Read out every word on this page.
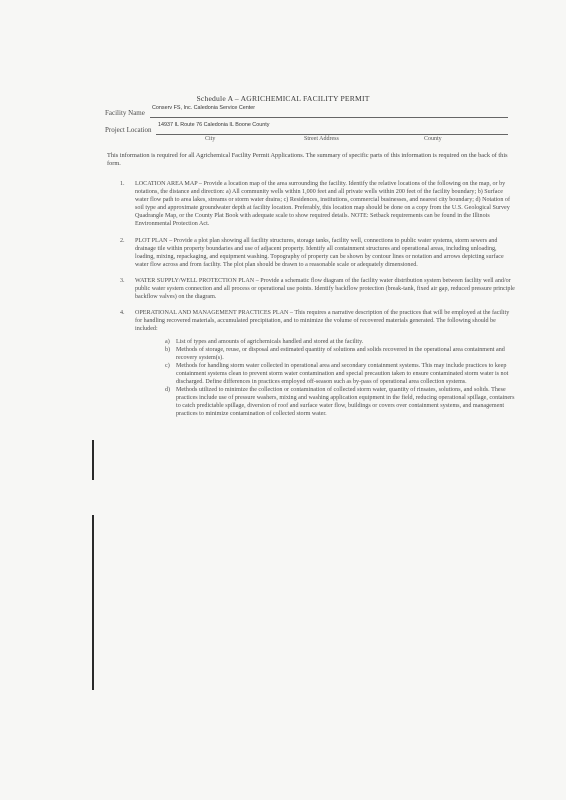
Schedule A – AGRICHEMICAL FACILITY PERMIT
Facility Name
Conserv FS, Inc. Caledonia Service Center
Project Location
14937 IL Route 76 Caledonia IL Boone County
City	Street Address	County
This information is required for all Agrichemical Facility Permit Applications. The summary of specific parts of this information is required on the back of this form.
1. LOCATION AREA MAP – Provide a location map of the area surrounding the facility. Identify the relative locations of the following on the map, or by notations, the distance and direction: a) All community wells within 1,000 feet and all private wells within 200 feet of the facility boundary; b) Surface water flow path to area lakes, streams or storm water drains; c) Residences, institutions, commercial businesses, and nearest city boundary; d) Notation of soil type and approximate groundwater depth at facility location. Preferably, this location map should be done on a copy from the U.S. Geological Survey Quadrangle Map, or the County Plat Book with adequate scale to show required details. NOTE: Setback requirements can be found in the Illinois Environmental Protection Act.
2. PLOT PLAN – Provide a plot plan showing all facility structures, storage tanks, facility well, connections to public water systems, storm sewers and drainage tile within property boundaries and use of adjacent property. Identify all containment structures and operational areas, including unloading, loading, mixing, repackaging, and equipment washing. Topography of property can be shown by contour lines or notation and arrows depicting surface water flow across and from facility. The plot plan should be drawn to a reasonable scale or adequately dimensioned.
3. WATER SUPPLY/WELL PROTECTION PLAN – Provide a schematic flow diagram of the facility water distribution system between facility well and/or public water system connection and all process or operational use points. Identify backflow protection (break-tank, fixed air gap, reduced pressure principle backflow valves) on the diagram.
4. OPERATIONAL AND MANAGEMENT PRACTICES PLAN – This requires a narrative description of the practices that will be employed at the facility for handling recovered materials, accumulated precipitation, and to minimize the volume of recovered materials generated. The following should be included:
a) List of types and amounts of agrichemicals handled and stored at the facility.
b) Methods of storage, reuse, or disposal and estimated quantity of solutions and solids recovered in the operational area containment and recovery system(s).
c) Methods for handling storm water collected in operational area and secondary containment systems. This may include practices to keep containment systems clean to prevent storm water contamination and special precaution taken to ensure contaminated storm water is not discharged. Define differences in practices employed off-season such as by-pass of operational area collection systems.
d) Methods utilized to minimize the collection or contamination of collected storm water, quantity of rinsates, solutions, and solids. These practices include use of pressure washers, mixing and washing application equipment in the field, reducing operational spillage, containers to catch predictable spillage, diversion of roof and surface water flow, buildings or covers over containment systems, and management practices to minimize contamination of collected storm water.
